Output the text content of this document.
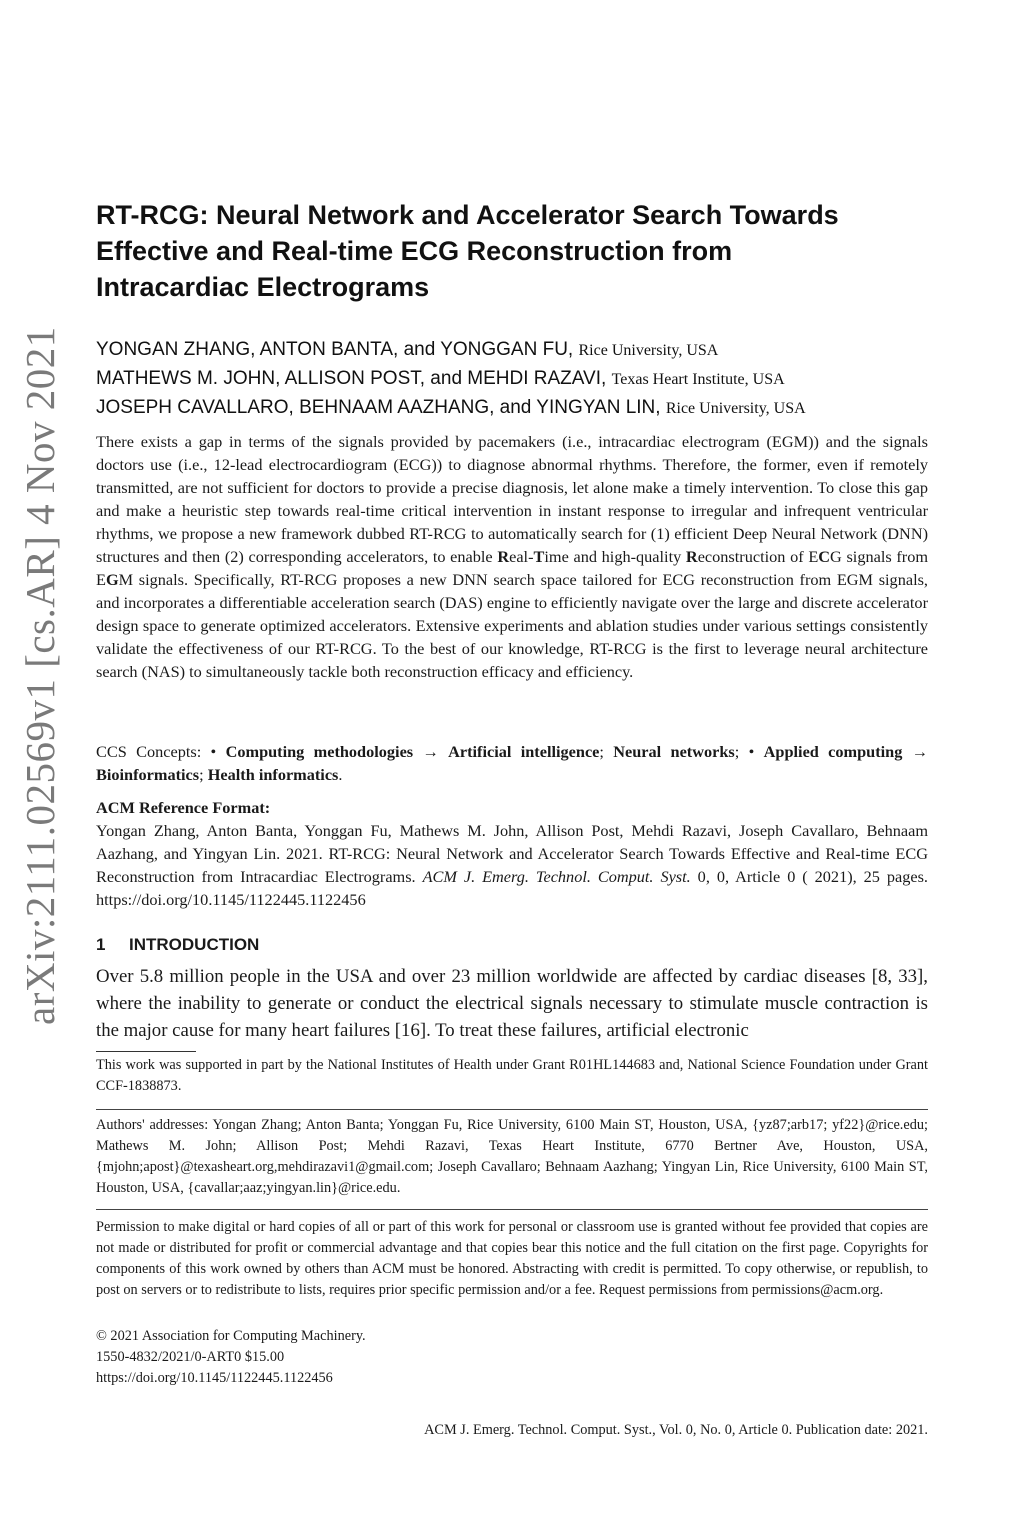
arXiv:2111.02569v1 [cs.AR] 4 Nov 2021
RT-RCG: Neural Network and Accelerator Search Towards
Effective and Real-time ECG Reconstruction from
Intracardiac Electrograms
YONGAN ZHANG, ANTON BANTA, and YONGGAN FU, Rice University, USA
MATHEWS M. JOHN, ALLISON POST, and MEHDI RAZAVI, Texas Heart Institute, USA
JOSEPH CAVALLARO, BEHNAAM AAZHANG, and YINGYAN LIN, Rice University, USA

There exists a gap in terms of the signals provided by pacemakers (i.e., intracardiac electrogram (EGM)) and the signals doctors use (i.e., 12-lead electrocardiogram (ECG)) to diagnose abnormal rhythms. Therefore, the former, even if remotely transmitted, are not sufficient for doctors to provide a precise diagnosis, let alone make a timely intervention. To close this gap and make a heuristic step towards real-time critical intervention in instant response to irregular and infrequent ventricular rhythms, we propose a new framework dubbed RT-RCG to automatically search for (1) efficient Deep Neural Network (DNN) structures and then (2) corresponding accelerators, to enable Real-Time and high-quality Reconstruction of ECG signals from EGM signals. Specifically, RT-RCG proposes a new DNN search space tailored for ECG reconstruction from EGM signals, and incorporates a differentiable acceleration search (DAS) engine to efficiently navigate over the large and discrete accelerator design space to generate optimized accelerators. Extensive experiments and ablation studies under various settings consistently validate the effectiveness of our RT-RCG. To the best of our knowledge, RT-RCG is the first to leverage neural architecture search (NAS) to simultaneously tackle both reconstruction efficacy and efficiency.

CCS Concepts: • Computing methodologies → Artificial intelligence; Neural networks; • Applied computing → Bioinformatics; Health informatics.

ACM Reference Format:

Yongan Zhang, Anton Banta, Yonggan Fu, Mathews M. John, Allison Post, Mehdi Razavi, Joseph Cavallaro, Behnaam Aazhang, and Yingyan Lin. 2021. RT-RCG: Neural Network and Accelerator Search Towards Effective and Real-time ECG Reconstruction from Intracardiac Electrograms. ACM J. Emerg. Technol. Comput. Syst. 0, 0, Article 0 ( 2021), 25 pages. https://doi.org/10.1145/1122445.1122456

1 INTRODUCTION

Over 5.8 million people in the USA and over 23 million worldwide are affected by cardiac diseases [8, 33], where the inability to generate or conduct the electrical signals necessary to stimulate muscle contraction is the major cause for many heart failures [16]. To treat these failures, artificial electronic

This work was supported in part by the National Institutes of Health under Grant R01HL144683 and, National Science Foundation under Grant CCF-1838873.

Authors' addresses: Yongan Zhang; Anton Banta; Yonggan Fu, Rice University, 6100 Main ST, Houston, USA, {yz87;arb17; yf22}@rice.edu; Mathews M. John; Allison Post; Mehdi Razavi, Texas Heart Institute, 6770 Bertner Ave, Houston, USA, {mjohn;apost}@texasheart.org,mehdirazavi1@gmail.com; Joseph Cavallaro; Behnaam Aazhang; Yingyan Lin, Rice University, 6100 Main ST, Houston, USA, {cavallar;aaz;yingyan.lin}@rice.edu.

Permission to make digital or hard copies of all or part of this work for personal or classroom use is granted without fee provided that copies are not made or distributed for profit or commercial advantage and that copies bear this notice and the full citation on the first page. Copyrights for components of this work owned by others than ACM must be honored. Abstracting with credit is permitted. To copy otherwise, or republish, to post on servers or to redistribute to lists, requires prior specific permission and/or a fee. Request permissions from permissions@acm.org.

© 2021 Association for Computing Machinery.
1550-4832/2021/0-ART0 $15.00
https://doi.org/10.1145/1122445.1122456

ACM J. Emerg. Technol. Comput. Syst., Vol. 0, No. 0, Article 0. Publication date: 2021.
